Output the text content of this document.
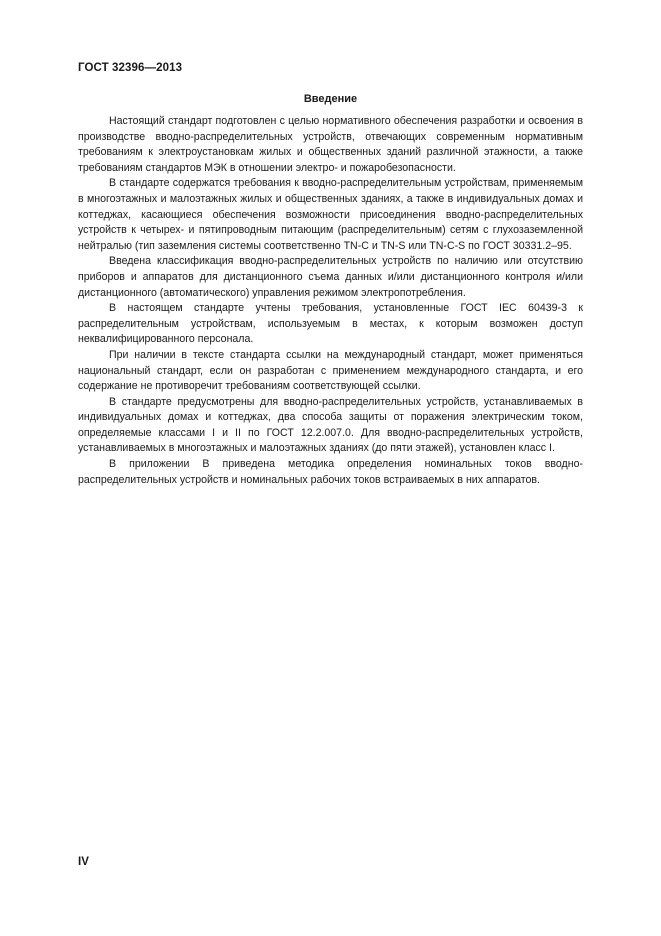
ГОСТ 32396—2013
Введение

Настоящий стандарт подготовлен с целью нормативного обеспечения разработки и освоения в производстве вводно-распределительных устройств, отвечающих современным нормативным требованиям к электроустановкам жилых и общественных зданий различной этажности, а также требованиям стандартов МЭК в отношении электро- и пожаробезопасности.

В стандарте содержатся требования к вводно-распределительным устройствам, применяемым в многоэтажных и малоэтажных жилых и общественных зданиях, а также в индивидуальных домах и коттеджах, касающиеся обеспечения возможности присоединения вводно-распределительных устройств к четырех- и пятипроводным питающим (распределительным) сетям с глухозаземленной нейтралью (тип заземления системы соответственно TN-C и TN-S или TN-C-S по ГОСТ 30331.2–95.

Введена классификация вводно-распределительных устройств по наличию или отсутствию приборов и аппаратов для дистанционного съема данных и/или дистанционного контроля и/или дистанционного (автоматического) управления режимом электропотребления.

В настоящем стандарте учтены требования, установленные ГОСТ IEC 60439-3 к распределительным устройствам, используемым в местах, к которым возможен доступ неквалифицированного персонала.

При наличии в тексте стандарта ссылки на международный стандарт, может применяться национальный стандарт, если он разработан с применением международного стандарта, и его содержание не противоречит требованиям соответствующей ссылки.

В стандарте предусмотрены для вводно-распределительных устройств, устанавливаемых в индивидуальных домах и коттеджах, два способа защиты от поражения электрическим током, определяемые классами I и II по ГОСТ 12.2.007.0. Для вводно-распределительных устройств, устанавливаемых в многоэтажных и малоэтажных зданиях (до пяти этажей), установлен класс I.

В приложении В приведена методика определения номинальных токов вводно-распределительных устройств и номинальных рабочих токов встраиваемых в них аппаратов.

IV
